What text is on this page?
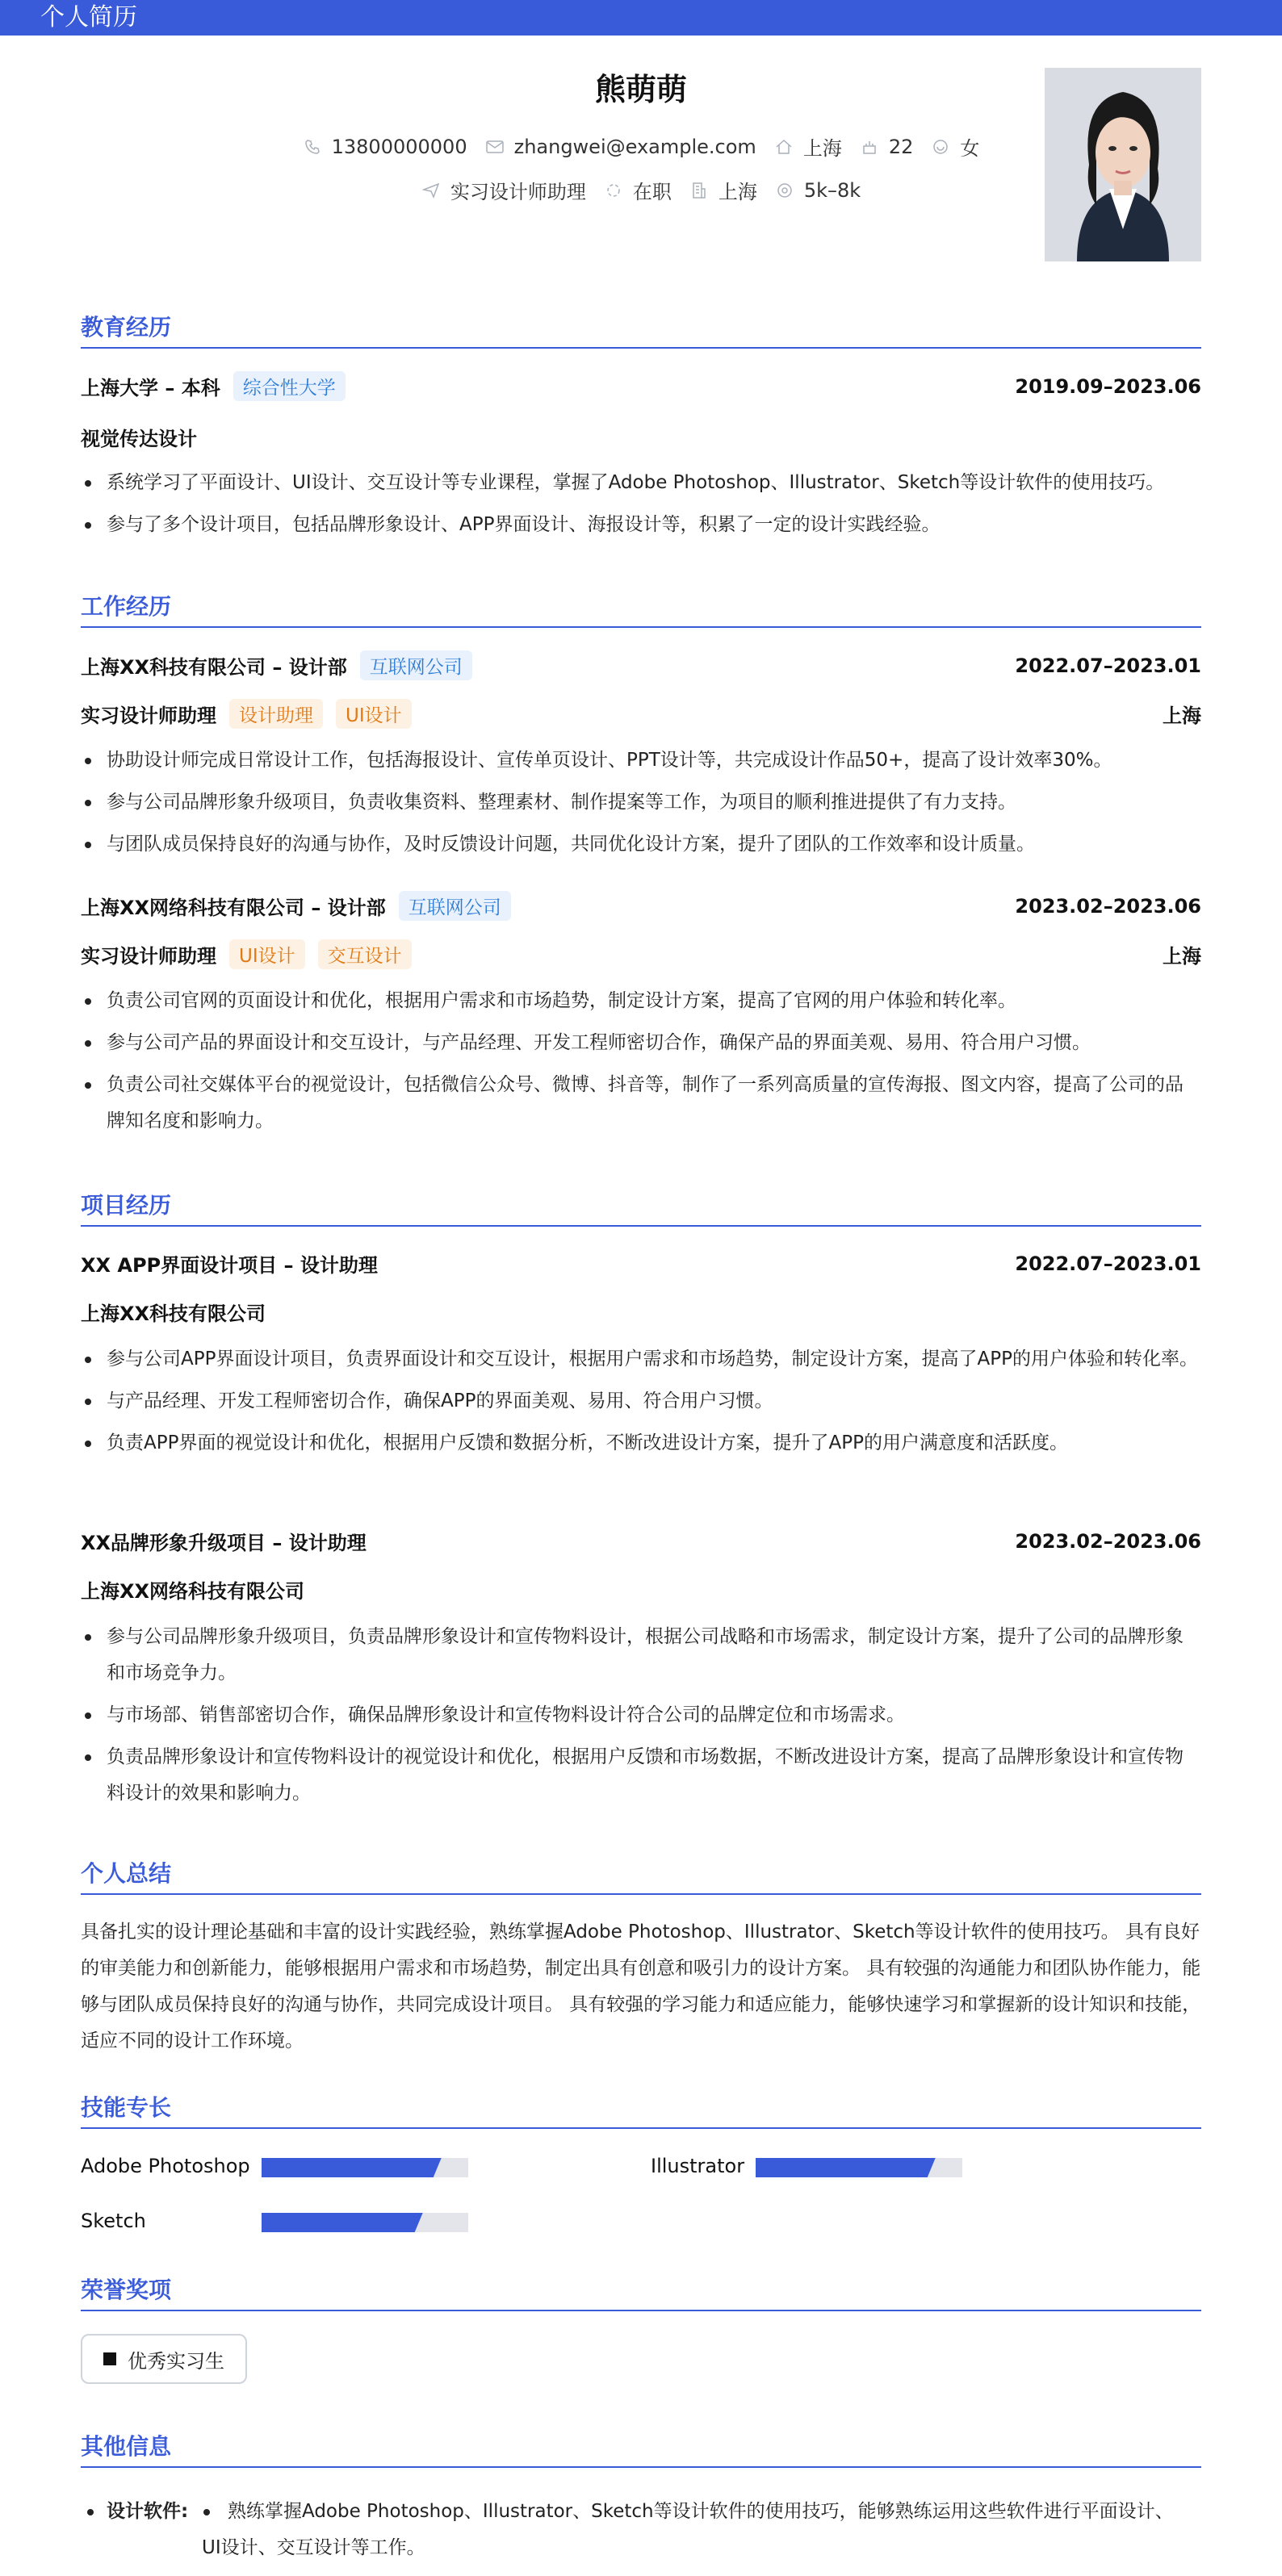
个人简历
熊萌萌
13800000000 zhangwei@example.com 上海 22 女
实习设计师助理 在职 上海 5k–8k
教育经历
上海大学 – 本科	综合性大学	2019.09–2023.06
视觉传达设计
系统学习了平面设计、UI设计、交互设计等专业课程，掌握了Adobe Photoshop、Illustrator、Sketch等设计软件的使用技巧。
参与了多个设计项目，包括品牌形象设计、APP界面设计、海报设计等，积累了一定的设计实践经验。
工作经历
上海XX科技有限公司 – 设计部	互联网公司	2022.07–2023.01
实习设计师助理	设计助理	UI设计	上海
协助设计师完成日常设计工作，包括海报设计、宣传单页设计、PPT设计等，共完成设计作品50+，提高了设计效率30%。
参与公司品牌形象升级项目，负责收集资料、整理素材、制作提案等工作，为项目的顺利推进提供了有力支持。
与团队成员保持良好的沟通与协作，及时反馈设计问题，共同优化设计方案，提升了团队的工作效率和设计质量。
上海XX网络科技有限公司 – 设计部	互联网公司	2023.02–2023.06
实习设计师助理	UI设计	交互设计	上海
负责公司官网的页面设计和优化，根据用户需求和市场趋势，制定设计方案，提高了官网的用户体验和转化率。
参与公司产品的界面设计和交互设计，与产品经理、开发工程师密切合作，确保产品的界面美观、易用、符合用户习惯。
负责公司社交媒体平台的视觉设计，包括微信公众号、微博、抖音等，制作了一系列高质量的宣传海报、图文内容，提高了公司的品牌知名度和影响力。
项目经历
XX APP界面设计项目 – 设计助理	2022.07–2023.01
上海XX科技有限公司
参与公司APP界面设计项目，负责界面设计和交互设计，根据用户需求和市场趋势，制定设计方案，提高了APP的用户体验和转化率。
与产品经理、开发工程师密切合作，确保APP的界面美观、易用、符合用户习惯。
负责APP界面的视觉设计和优化，根据用户反馈和数据分析，不断改进设计方案，提升了APP的用户满意度和活跃度。
XX品牌形象升级项目 – 设计助理	2023.02–2023.06
上海XX网络科技有限公司
参与公司品牌形象升级项目，负责品牌形象设计和宣传物料设计，根据公司战略和市场需求，制定设计方案，提升了公司的品牌形象和市场竞争力。
与市场部、销售部密切合作，确保品牌形象设计和宣传物料设计符合公司的品牌定位和市场需求。
负责品牌形象设计和宣传物料设计的视觉设计和优化，根据用户反馈和市场数据，不断改进设计方案，提高了品牌形象设计和宣传物料设计的效果和影响力。
个人总结
具备扎实的设计理论基础和丰富的设计实践经验，熟练掌握Adobe Photoshop、Illustrator、Sketch等设计软件的使用技巧。 具有良好的审美能力和创新能力，能够根据用户需求和市场趋势，制定出具有创意和吸引力的设计方案。 具有较强的沟通能力和团队协作能力，能够与团队成员保持良好的沟通与协作，共同完成设计项目。 具有较强的学习能力和适应能力，能够快速学习和掌握新的设计知识和技能，适应不同的设计工作环境。
技能专长
Adobe Photoshop	Illustrator
Sketch
荣誉奖项
优秀实习生
其他信息
设计软件: 熟练掌握Adobe Photoshop、Illustrator、Sketch等设计软件的使用技巧，能够熟练运用这些软件进行平面设计、
UI设计、交互设计等工作。
